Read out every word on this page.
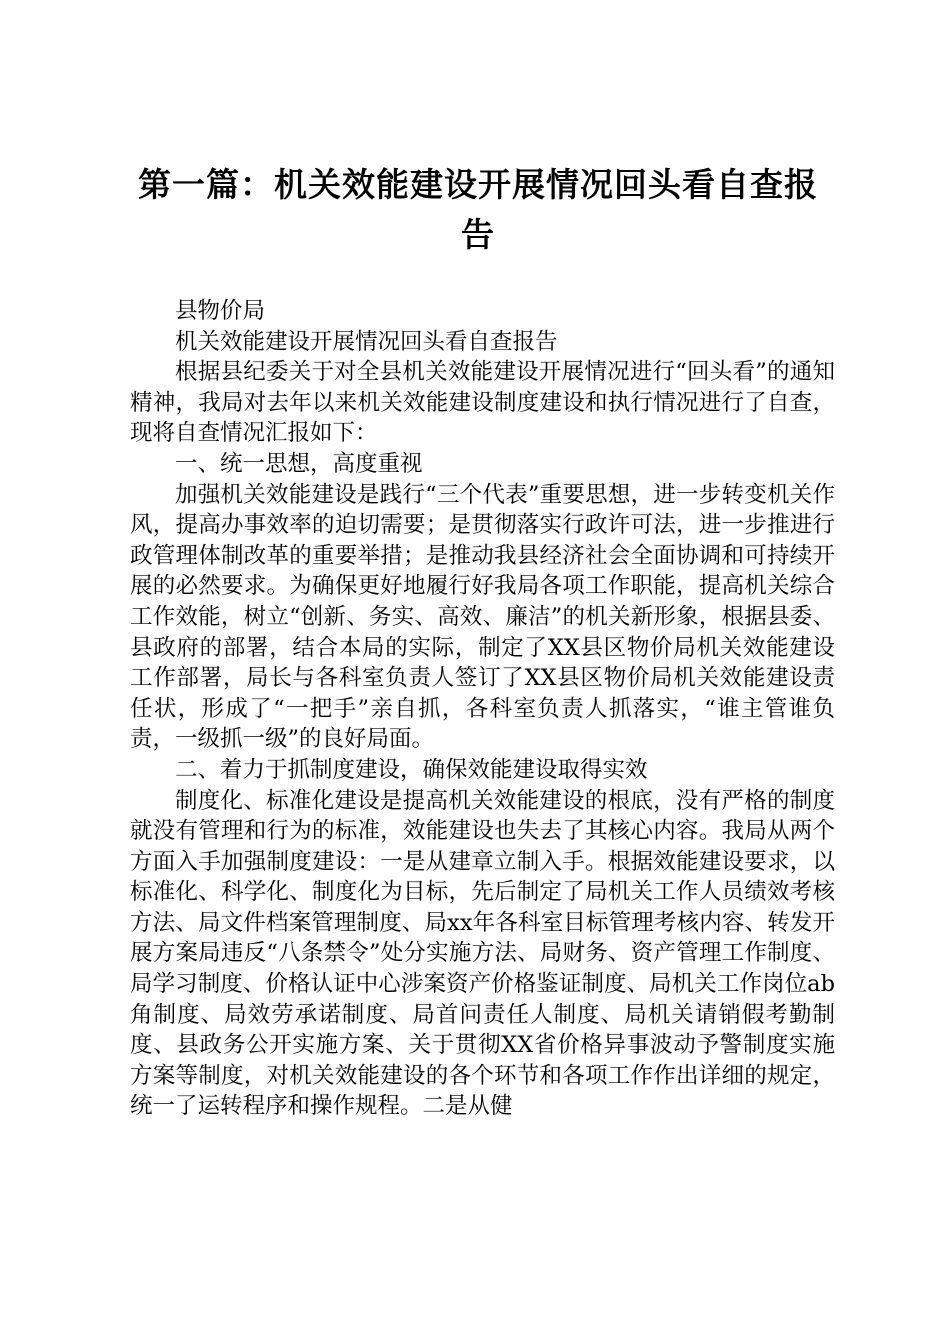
第一篇：机关效能建设开展情况回头看自查报告

县物价局

机关效能建设开展情况回头看自查报告

根据县纪委关于对全县机关效能建设开展情况进行“回头看”的通知精神，我局对去年以来机关效能建设制度建设和执行情况进行了自查，现将自查情况汇报如下：

一、统一思想，高度重视

加强机关效能建设是践行“三个代表”重要思想，进一步转变机关作风，提高办事效率的迫切需要；是贯彻落实行政许可法，进一步推进行政管理体制改革的重要举措；是推动我县经济社会全面协调和可持续开展的必然要求。为确保更好地履行好我局各项工作职能，提高机关综合工作效能，树立“创新、务实、高效、廉洁”的机关新形象，根据县委、县政府的部署，结合本局的实际，制定了XX县区物价局机关效能建设工作部署，局长与各科室负责人签订了XX县区物价局机关效能建设责任状，形成了“一把手”亲自抓，各科室负责人抓落实，“谁主管谁负责，一级抓一级”的良好局面。

二、着力于抓制度建设，确保效能建设取得实效

制度化、标准化建设是提高机关效能建设的根底，没有严格的制度就没有管理和行为的标准，效能建设也失去了其核心内容。我局从两个方面入手加强制度建设：一是从建章立制入手。根据效能建设要求，以标准化、科学化、制度化为目标，先后制定了局机关工作人员绩效考核方法、局文件档案管理制度、局xx年各科室目标管理考核内容、转发开展方案局违反“八条禁令”处分实施方法、局财务、资产管理工作制度、局学习制度、价格认证中心涉案资产价格鉴证制度、局机关工作岗位ab角制度、局效劳承诺制度、局首问责任人制度、局机关请销假考勤制度、县政务公开实施方案、关于贯彻XX省价格异事波动予警制度实施方案等制度，对机关效能建设的各个环节和各项工作作出详细的规定，统一了运转程序和操作规程。二是从健
